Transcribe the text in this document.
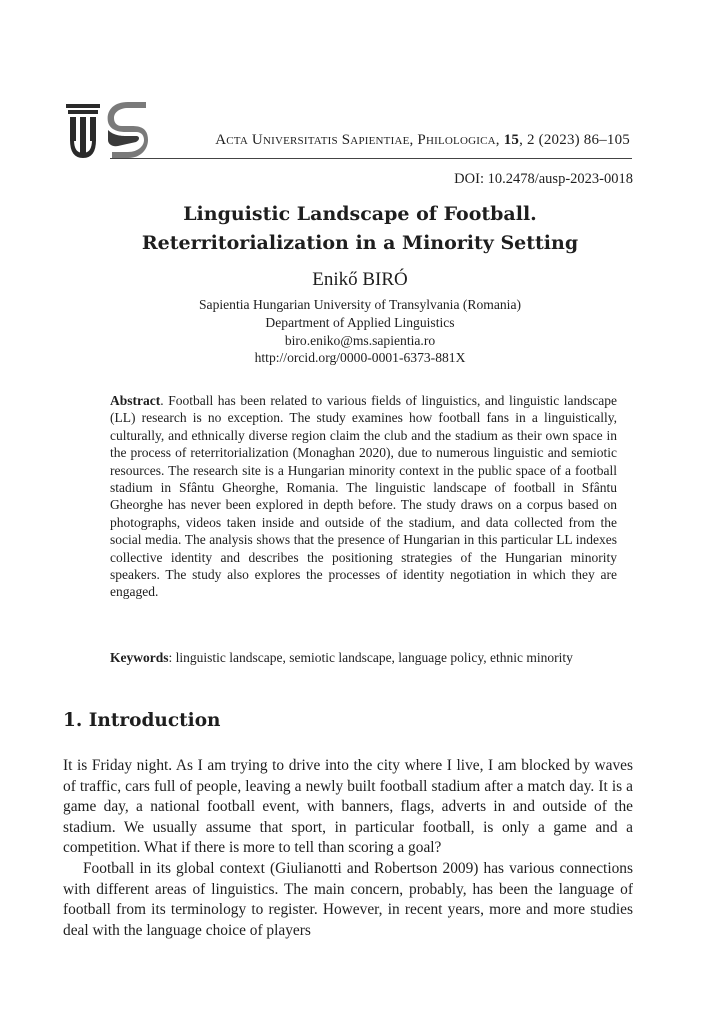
Acta Universitatis Sapientiae, Philologica, 15, 2 (2023) 86–105
DOI: 10.2478/ausp-2023-0018
Linguistic Landscape of Football.
Reterritorialization in a Minority Setting
Enikő BIRÓ
Sapientia Hungarian University of Transylvania (Romania)
Department of Applied Linguistics
biro.eniko@ms.sapientia.ro
http://orcid.org/0000-0001-6373-881X
Abstract. Football has been related to various fields of linguistics, and linguistic landscape (LL) research is no exception. The study examines how football fans in a linguistically, culturally, and ethnically diverse region claim the club and the stadium as their own space in the process of reterritorialization (Monaghan 2020), due to numerous linguistic and semiotic resources. The research site is a Hungarian minority context in the public space of a football stadium in Sfântu Gheorghe, Romania. The linguistic landscape of football in Sfântu Gheorghe has never been explored in depth before. The study draws on a corpus based on photographs, videos taken inside and outside of the stadium, and data collected from the social media. The analysis shows that the presence of Hungarian in this particular LL indexes collective identity and describes the positioning strategies of the Hungarian minority speakers. The study also explores the processes of identity negotiation in which they are engaged.
Keywords: linguistic landscape, semiotic landscape, language policy, ethnic minority
1. Introduction

It is Friday night. As I am trying to drive into the city where I live, I am blocked by waves of traffic, cars full of people, leaving a newly built football stadium after a match day. It is a game day, a national football event, with banners, flags, adverts in and outside of the stadium. We usually assume that sport, in particular football, is only a game and a competition. What if there is more to tell than scoring a goal?

Football in its global context (Giulianotti and Robertson 2009) has various connections with different areas of linguistics. The main concern, probably, has been the language of football from its terminology to register. However, in recent years, more and more studies deal with the language choice of players
